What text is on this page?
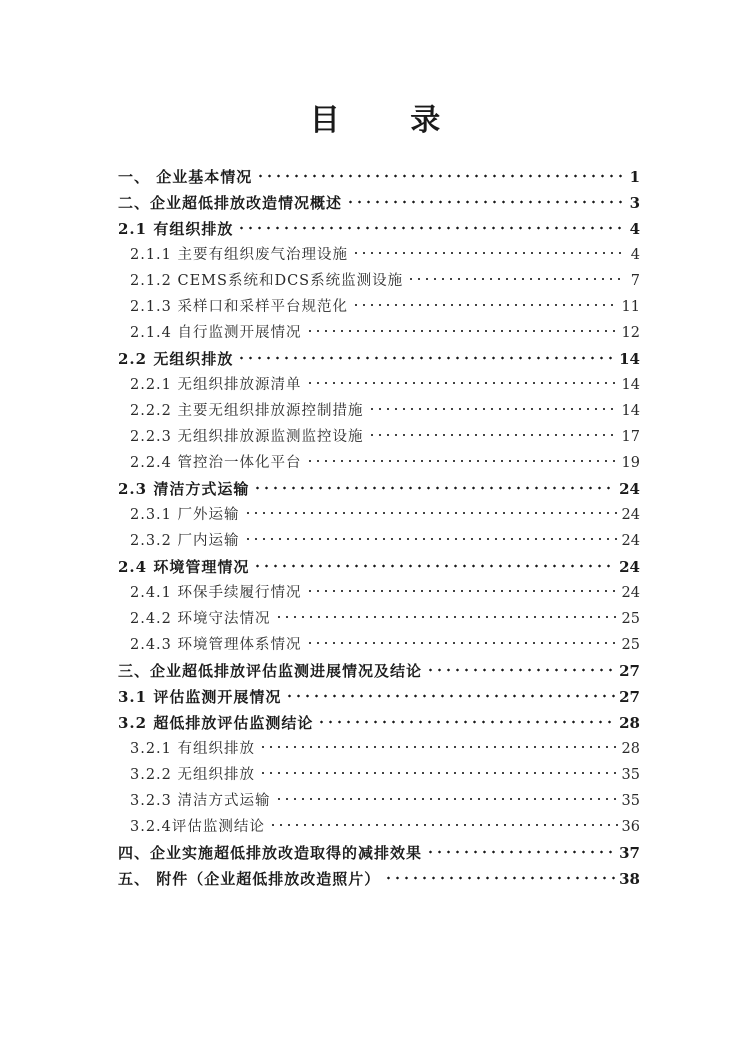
目 录
一、 企业基本情况	1
二、企业超低排放改造情况概述	3
2.1 有组织排放	4
2.1.1 主要有组织废气治理设施	4
2.1.2 CEMS系统和DCS系统监测设施	7
2.1.3 采样口和采样平台规范化	11
2.1.4 自行监测开展情况	12
2.2 无组织排放	14
2.2.1 无组织排放源清单	14
2.2.2 主要无组织排放源控制措施	14
2.2.3 无组织排放源监测监控设施	17
2.2.4 管控治一体化平台	19
2.3 清洁方式运输	24
2.3.1 厂外运输	24
2.3.2 厂内运输	24
2.4 环境管理情况	24
2.4.1 环保手续履行情况	24
2.4.2 环境守法情况	25
2.4.3 环境管理体系情况	25
三、企业超低排放评估监测进展情况及结论	27
3.1 评估监测开展情况	27
3.2 超低排放评估监测结论	28
3.2.1 有组织排放	28
3.2.2 无组织排放	35
3.2.3 清洁方式运输	35
3.2.4评估监测结论	36
四、企业实施超低排放改造取得的减排效果	37
五、 附件（企业超低排放改造照片）	38
